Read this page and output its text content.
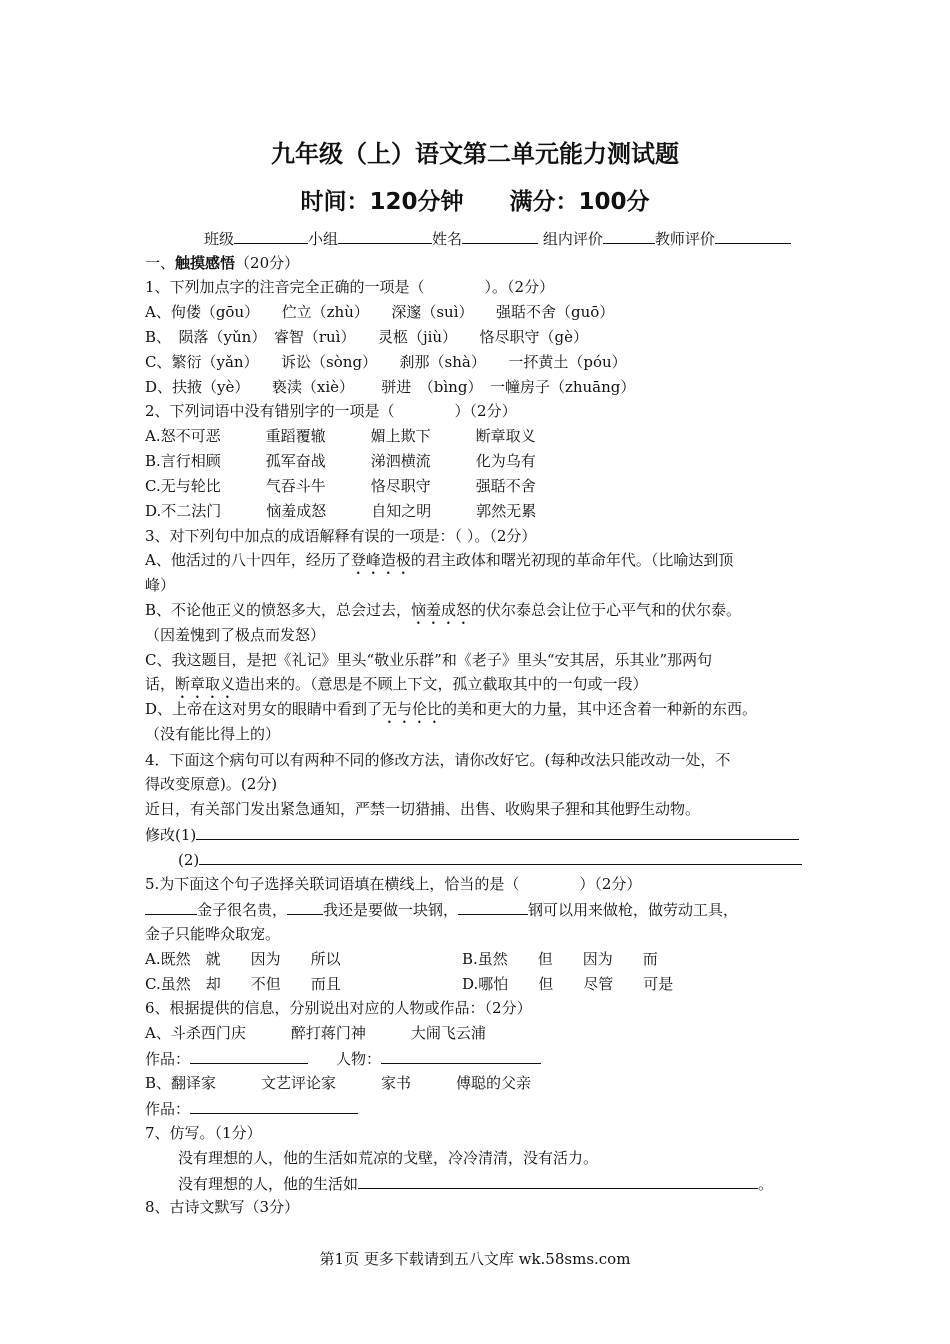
九年级（上）语文第二单元能力测试题
时间：120分钟 满分：100分
班级	小组	姓名	组内评价	教师评价
一、触摸感悟（20分）
1、下列加点字的注音完全正确的一项是（　　　　）。（2分）
A、佝偻（gōu）　　伫立（zhù）　　深邃（suì）　　强聒不舍（guō）
B、　陨落（yǔn）　睿智（ruì）　　灵柩（jiù）　　恪尽职守（gè）
C、繁衍（yǎn）　　诉讼（sòng）　　刹那（shà）　　一抔黄土（póu）
D、扶掖（yè）　　亵渎（xiè）　　 骈进　（bìng）　一幢房子（zhuāng）
2、下列词语中没有错别字的一项是（　　　　）（2分）
A.怒不可恶　　　重蹈覆辙　　　媚上欺下　　　断章取义
B.言行相顾　　　孤军奋战　　　涕泗横流　　　化为乌有
C.无与轮比　　　气吞斗牛　　　恪尽职守　　　强聒不舍
D.不二法门　　　恼羞成怒　　　自知之明　　　郭然无累
3、对下列句中加点的成语解释有误的一项是：（ ）。（2分）
A、他活过的八十四年，经历了登峰造极的君主政体和曙光初现的革命年代。（比喻达到顶
峰）
B、不论他正义的愤怒多大，总会过去，恼羞成怒的伏尔泰总会让位于心平气和的伏尔泰。
（因羞愧到了极点而发怒）
C、我这题目，是把《礼记》里头“敬业乐群”和《老子》里头“安其居，乐其业”那两句
话，断章取义造出来的。（意思是不顾上下文，孤立截取其中的一句或一段）
D、上帝在这对男女的眼睛中看到了无与伦比的美和更大的力量，其中还含着一种新的东西。
（没有能比得上的）
4．下面这个病句可以有两种不同的修改方法，请你改好它。(每种改法只能改动一处，不
得改变原意)。(2分)
近日，有关部门发出紧急通知，严禁一切猎捕、出售、收购果子狸和其他野生动物。
修改(1)
(2)
5.为下面这个句子选择关联词语填在横线上，恰当的是（　　　　）（2分）
金子很名贵， 我还是要做一块钢，	钢可以用来做枪，做劳动工具，
金子只能哗众取宠。
A.既然　就　　因为　　所以	B.虽然　　但　　因为　　而
C.虽然　却　　不但　　而且	D.哪怕　　但　　尽管　　可是
6、根据提供的信息，分别说出对应的人物或作品：（2分）
A、斗杀西门庆　　　醉打蒋门神　　　大闹飞云浦
作品：	人物：
B、翻译家　　　文艺评论家　　　家书　　　傅聪的父亲
作品：
7、仿写。（1分）
没有理想的人，他的生活如荒凉的戈壁，冷冷清清，没有活力。
没有理想的人，他的生活如	。
8、古诗文默写（3分）
第1页 更多下载请到五八文库 wk.58sms.com
